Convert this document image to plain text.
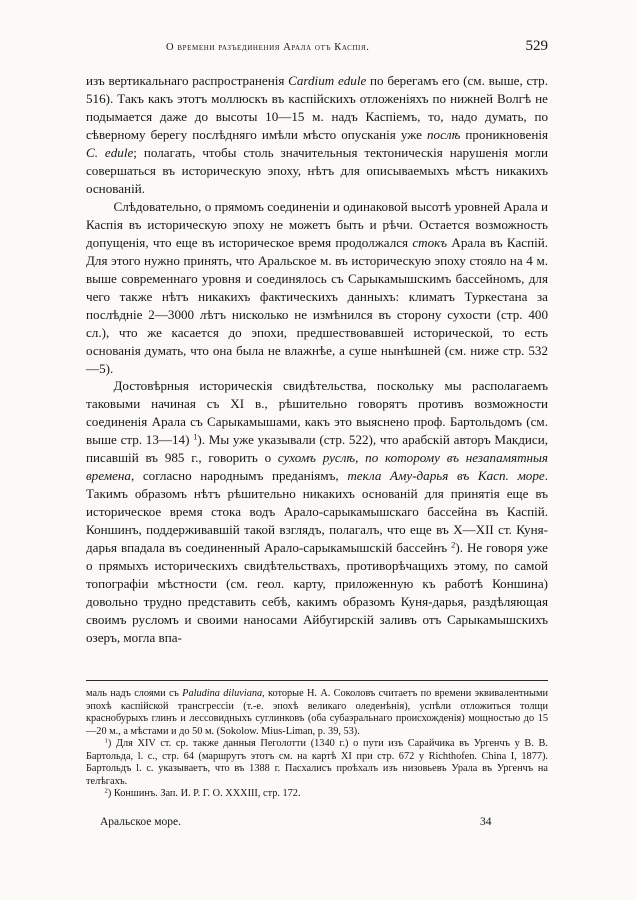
О времени разъединения Арала отъ Каспія.	529

изъ вертикальнаго распространенія Cardium edule по берегамъ его (см. выше, стр. 516). Такъ какъ этотъ моллюскъ въ каспійскихъ отложеніяхъ по нижней Волгѣ не подымается даже до высоты 10—15 м. надъ Каспіемъ, то, надо думать, по сѣверному берегу послѣдняго имѣли мѣсто опусканія уже послѣ проникновенія C. edule; полагать, чтобы столь значительныя тектоническія нарушенія могли совершаться въ историческую эпоху, нѣтъ для описываемыхъ мѣстъ никакихъ основаній.

Слѣдовательно, о прямомъ соединеніи и одинаковой высотѣ уровней Арала и Каспія въ историческую эпоху не можетъ быть и рѣчи. Остается возможность допущенія, что еще въ историческое время продолжался стокъ Арала въ Каспій. Для этого нужно принять, что Аральское м. въ историческую эпоху стояло на 4 м. выше современнаго уровня и соединялось съ Сарыкамышскимъ бассейномъ, для чего также нѣтъ никакихъ фактическихъ данныхъ: климатъ Туркестана за послѣдніе 2—3000 лѣтъ нисколько не измѣнился въ сторону сухости (стр. 400 сл.), что же касается до эпохи, предшествовавшей исторической, то есть основанія думать, что она была не влажнѣе, а суше нынѣшней (см. ниже стр. 532—5).

Достовѣрныя историческія свидѣтельства, поскольку мы располагаемъ таковыми начиная съ XI в., рѣшительно говорятъ противъ возможности соединенія Арала съ Сарыкамышами, какъ это выяснено проф. Бартольдомъ (см. выше стр. 13—14) $^1$). Мы уже указывали (стр. 522), что арабскій авторъ Макдиси, писавшій въ 985 г., говорить о сухомъ руслѣ, по которому въ незапамятныя времена, согласно народнымъ преданіямъ, текла Аму-дарья въ Касп. море. Такимъ образомъ нѣтъ рѣшительно никакихъ основаній для принятія еще въ историческое время стока водъ Арало-сарыкамышскаго бассейна въ Каспій. Коншинъ, поддерживавшій такой взглядъ, полагалъ, что еще въ X—XII ст. Куня-дарья впадала въ соединенный Арало-сарыкамышскій бассейнъ $^2$). Не говоря уже о прямыхъ историческихъ свидѣтельствахъ, противорѣчащихъ этому, по самой топографіи мѣстности (см. геол. карту, приложенную къ работѣ Коншина) довольно трудно представить себѣ, какимъ образомъ Куня-дарья, раздѣляющая своимъ русломъ и своими наносами Айбугирскій заливъ отъ Сарыкамышскихъ озеръ, могла впа-

маль надъ слоями съ Paludina diluviana, которые Н. А. Соколовъ считаетъ по времени эквивалентными эпохѣ каспійской трансгрессіи (т.-е. эпохѣ великаго оледенѣнія), успѣли отложиться толщи краснобурыхъ глинъ и лессовидныхъ суглинковъ (оба субаэральнаго происхожденія) мощностью до 15—20 м., а мѣстами и до 50 м. (Sokolow. Mius-Liman, p. 39, 53).

$^1$) Для XIV ст. ср. также данныя Пеголотти (1340 г.) о пути изъ Сарайчика въ Ургенчъ у В. В. Бартольда, l. c., стр. 64 (маршрутъ этотъ см. на картѣ XI при стр. 672 у Richthofen. China I, 1877). Бартольдъ l. c. указываетъ, что въ 1388 г. Пасхалисъ проѣхалъ изъ низовьевъ Урала въ Ургенчъ на телѣгахъ.

$^2$) Коншинъ. Зап. И. Р. Г. О. XXXIII, стр. 172.

Аральское море.	34
